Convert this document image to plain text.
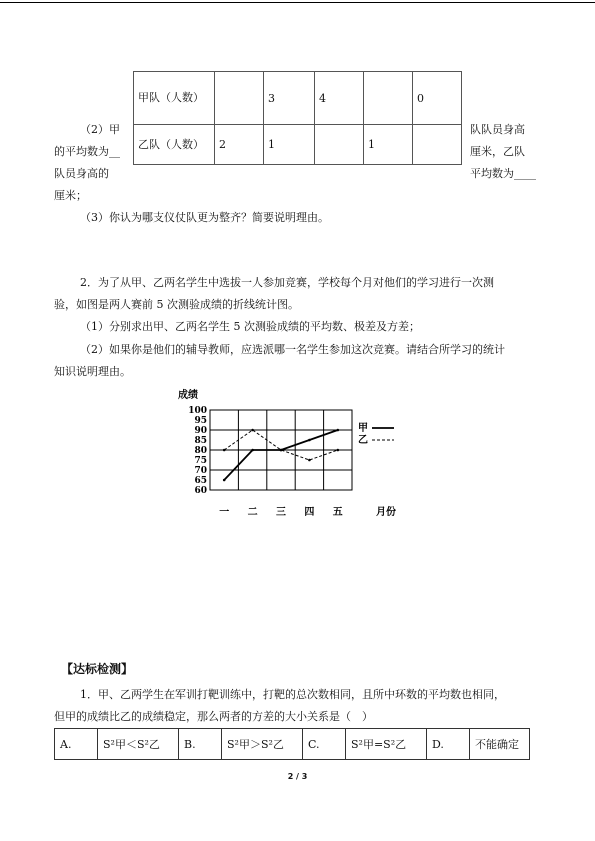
甲队（人数）		3	4		0
乙队（人数）	2	1		1	
（2）甲
的平均数为__
队员身高的
厘米；
队队员身高
厘米，乙队
平均数为____
（3）你认为哪支仪仗队更为整齐？简要说明理由。
2．为了从甲、乙两名学生中选拔一人参加竞赛，学校每个月对他们的学习进行一次测
验，如图是两人赛前 5 次测验成绩的折线统计图。
（1）分别求出甲、乙两名学生 5 次测验成绩的平均数、极差及方差；
（2）如果你是他们的辅导教师，应选派哪一名学生参加这次竞赛。请结合所学习的统计
知识说明理由。
60
65
70
75
80
85
90
95
100
成绩
一 二 三 四 五	月份
甲
乙
【达标检测】
1．甲、乙两学生在军训打靶训练中，打靶的总次数相同，且所中环数的平均数也相同，
但甲的成绩比乙的成绩稳定，那么两者的方差的大小关系是（　）
A.	S²甲＜S²乙	B.	S²甲＞S²乙	C.	S²甲=S²乙	D.	不能确定
2 / 3
